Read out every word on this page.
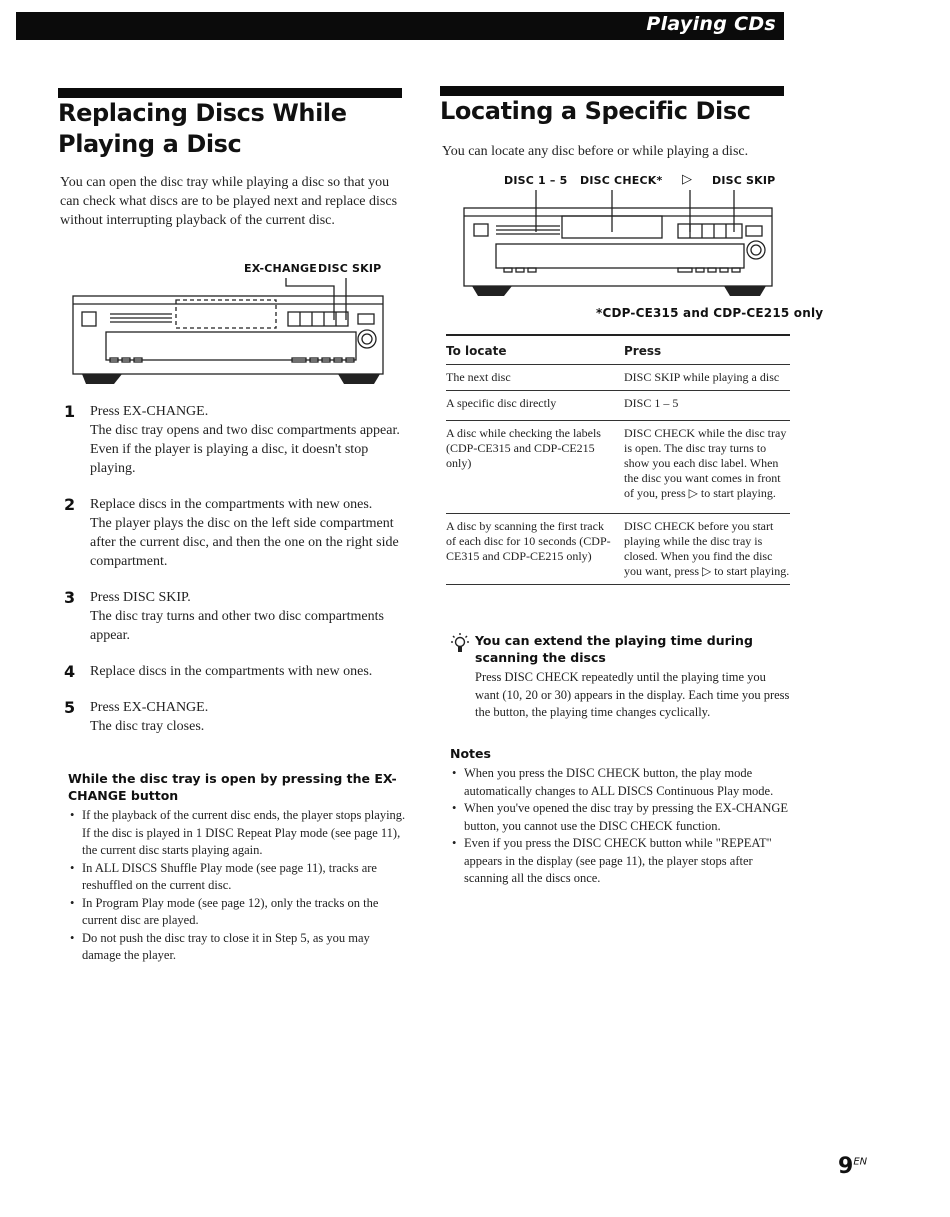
Playing CDs
Replacing Discs While Playing a Disc
You can open the disc tray while playing a disc so that you can check what discs are to be played next and replace discs without interrupting playback of the current disc.
EX-CHANGE DISC SKIP
1 Press EX-CHANGE.
The disc tray opens and two disc compartments appear. Even if the player is playing a disc, it doesn't stop playing.
2 Replace discs in the compartments with new ones.
The player plays the disc on the left side compartment after the current disc, and then the one on the right side compartment.
3 Press DISC SKIP.
The disc tray turns and other two disc compartments appear.
4 Replace discs in the compartments with new ones.
5 Press EX-CHANGE.
The disc tray closes.
While the disc tray is open by pressing the EX-CHANGE button
• If the playback of the current disc ends, the player stops playing. If the disc is played in 1 DISC Repeat Play mode (see page 11), the current disc starts playing again.
• In ALL DISCS Shuffle Play mode (see page 11), tracks are reshuffled on the current disc.
• In Program Play mode (see page 12), only the tracks on the current disc are played.
• Do not push the disc tray to close it in Step 5, as you may damage the player.
Locating a Specific Disc
You can locate any disc before or while playing a disc.
DISC 1 – 5 DISC CHECK* ▷ DISC SKIP
*CDP-CE315 and CDP-CE215 only
To locate	Press
The next disc	DISC SKIP while playing a disc
A specific disc directly	DISC 1 – 5
A disc while checking the labels (CDP-CE315 and CDP-CE215 only)	DISC CHECK while the disc tray is open. The disc tray turns to show you each disc label. When the disc you want comes in front of you, press ▷ to start playing.
A disc by scanning the first track of each disc for 10 seconds (CDP-CE315 and CDP-CE215 only)	DISC CHECK before you start playing while the disc tray is closed. When you find the disc you want, press ▷ to start playing.
You can extend the playing time during scanning the discs
Press DISC CHECK repeatedly until the playing time you want (10, 20 or 30) appears in the display. Each time you press the button, the playing time changes cyclically.
Notes
• When you press the DISC CHECK button, the play mode automatically changes to ALL DISCS Continuous Play mode.
• When you've opened the disc tray by pressing the EX-CHANGE button, you cannot use the DISC CHECK function.
• Even if you press the DISC CHECK button while "REPEAT" appears in the display (see page 11), the player stops after scanning all the discs once.
$9^{EN}$
